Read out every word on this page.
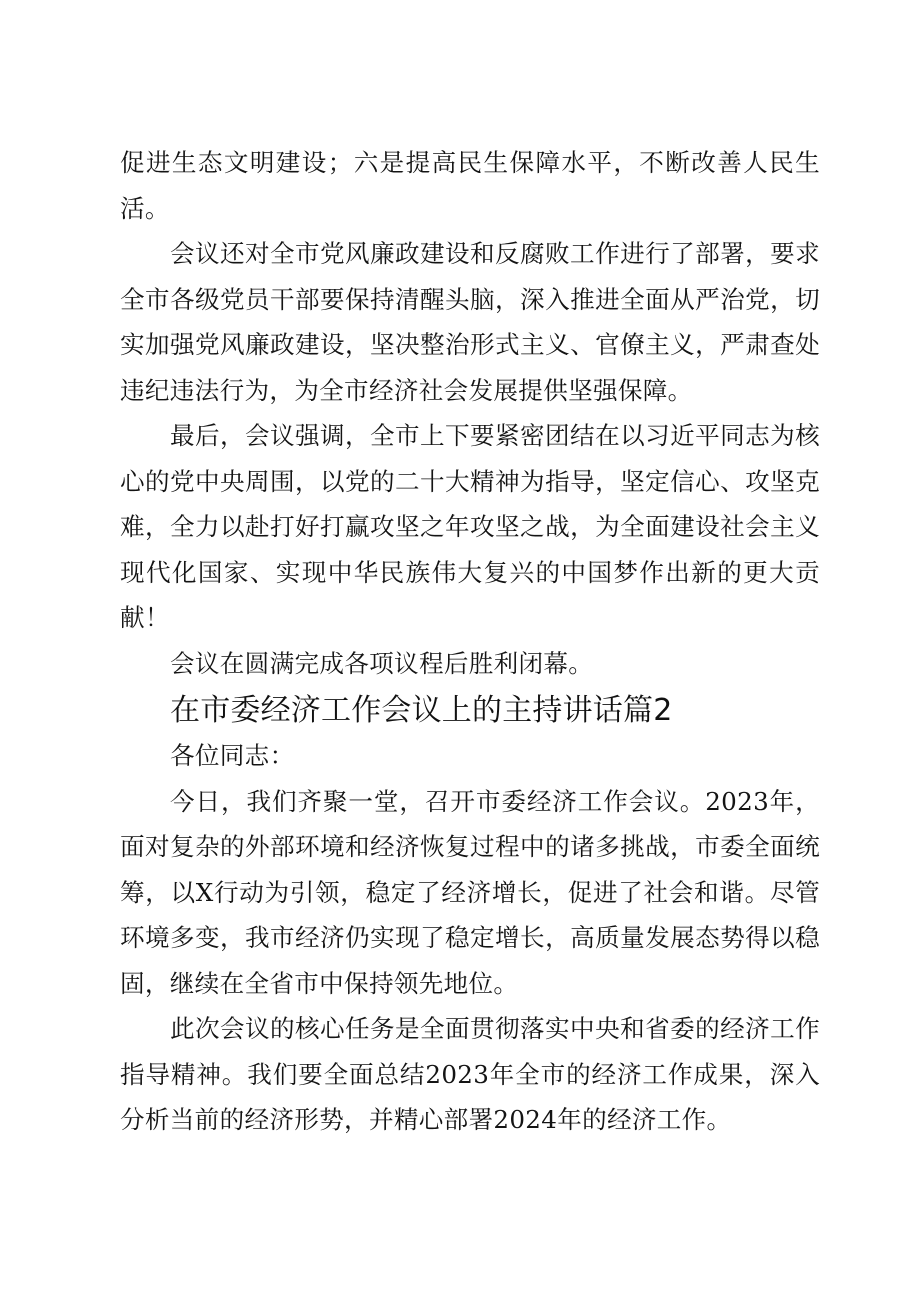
促进生态文明建设；六是提高民生保障水平，不断改善人民生活。

会议还对全市党风廉政建设和反腐败工作进行了部署，要求全市各级党员干部要保持清醒头脑，深入推进全面从严治党，切实加强党风廉政建设，坚决整治形式主义、官僚主义，严肃查处违纪违法行为，为全市经济社会发展提供坚强保障。

最后，会议强调，全市上下要紧密团结在以习近平同志为核心的党中央周围，以党的二十大精神为指导，坚定信心、攻坚克难，全力以赴打好打赢攻坚之年攻坚之战，为全面建设社会主义现代化国家、实现中华民族伟大复兴的中国梦作出新的更大贡献！

会议在圆满完成各项议程后胜利闭幕。

在市委经济工作会议上的主持讲话篇2

各位同志：

今日，我们齐聚一堂，召开市委经济工作会议。2023年，面对复杂的外部环境和经济恢复过程中的诸多挑战，市委全面统筹，以X行动为引领，稳定了经济增长，促进了社会和谐。尽管环境多变，我市经济仍实现了稳定增长，高质量发展态势得以稳固，继续在全省市中保持领先地位。

此次会议的核心任务是全面贯彻落实中央和省委的经济工作指导精神。我们要全面总结2023年全市的经济工作成果，深入分析当前的经济形势，并精心部署2024年的经济工作。
